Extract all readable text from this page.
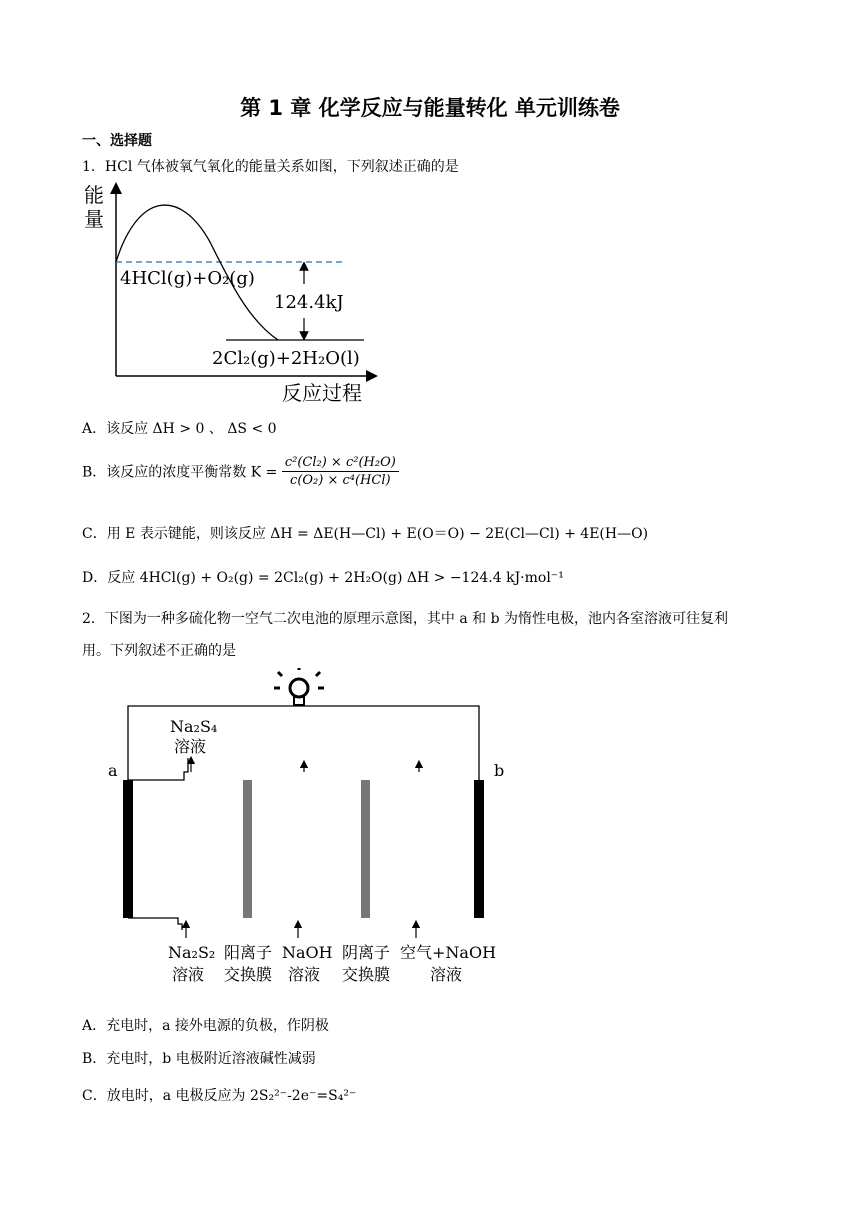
第 1 章 化学反应与能量转化 单元训练卷
一、选择题
1．HCl 气体被氧气氧化的能量关系如图，下列叙述正确的是
能
量
反应过程
4HCl(g)+O₂(g)
2Cl₂(g)+2H₂O(l)
124.4kJ
A．该反应 ΔH > 0 、 ΔS < 0
B．该反应的浓度平衡常数 $K = \frac{\text{c²(Cl₂) × c²(H₂O)}}{\text{c(O₂) × c⁴(HCl)}}$
C．用 E 表示键能，则该反应 ΔH = ΔE(H—Cl) + E(O＝O) − 2E(Cl—Cl) + 4E(H—O)
D．反应 4HCl(g) + O₂(g) = 2Cl₂(g) + 2H₂O(g) ΔH > −124.4 kJ·mol⁻¹
2．下图为一种多硫化物一空气二次电池的原理示意图，其中 a 和 b 为惰性电极，池内各室溶液可往复利
用。下列叙述不正确的是
a	b
Na₂S₄
溶液
Na₂S₂
溶液
阳离子
交换膜
NaOH
溶液
阴离子
交换膜
空气+NaOH
溶液
A．充电时，a 接外电源的负极，作阴极
B．充电时，b 电极附近溶液碱性减弱
C．放电时，a 电极反应为 2S₂²⁻-2e⁻=S₄²⁻
